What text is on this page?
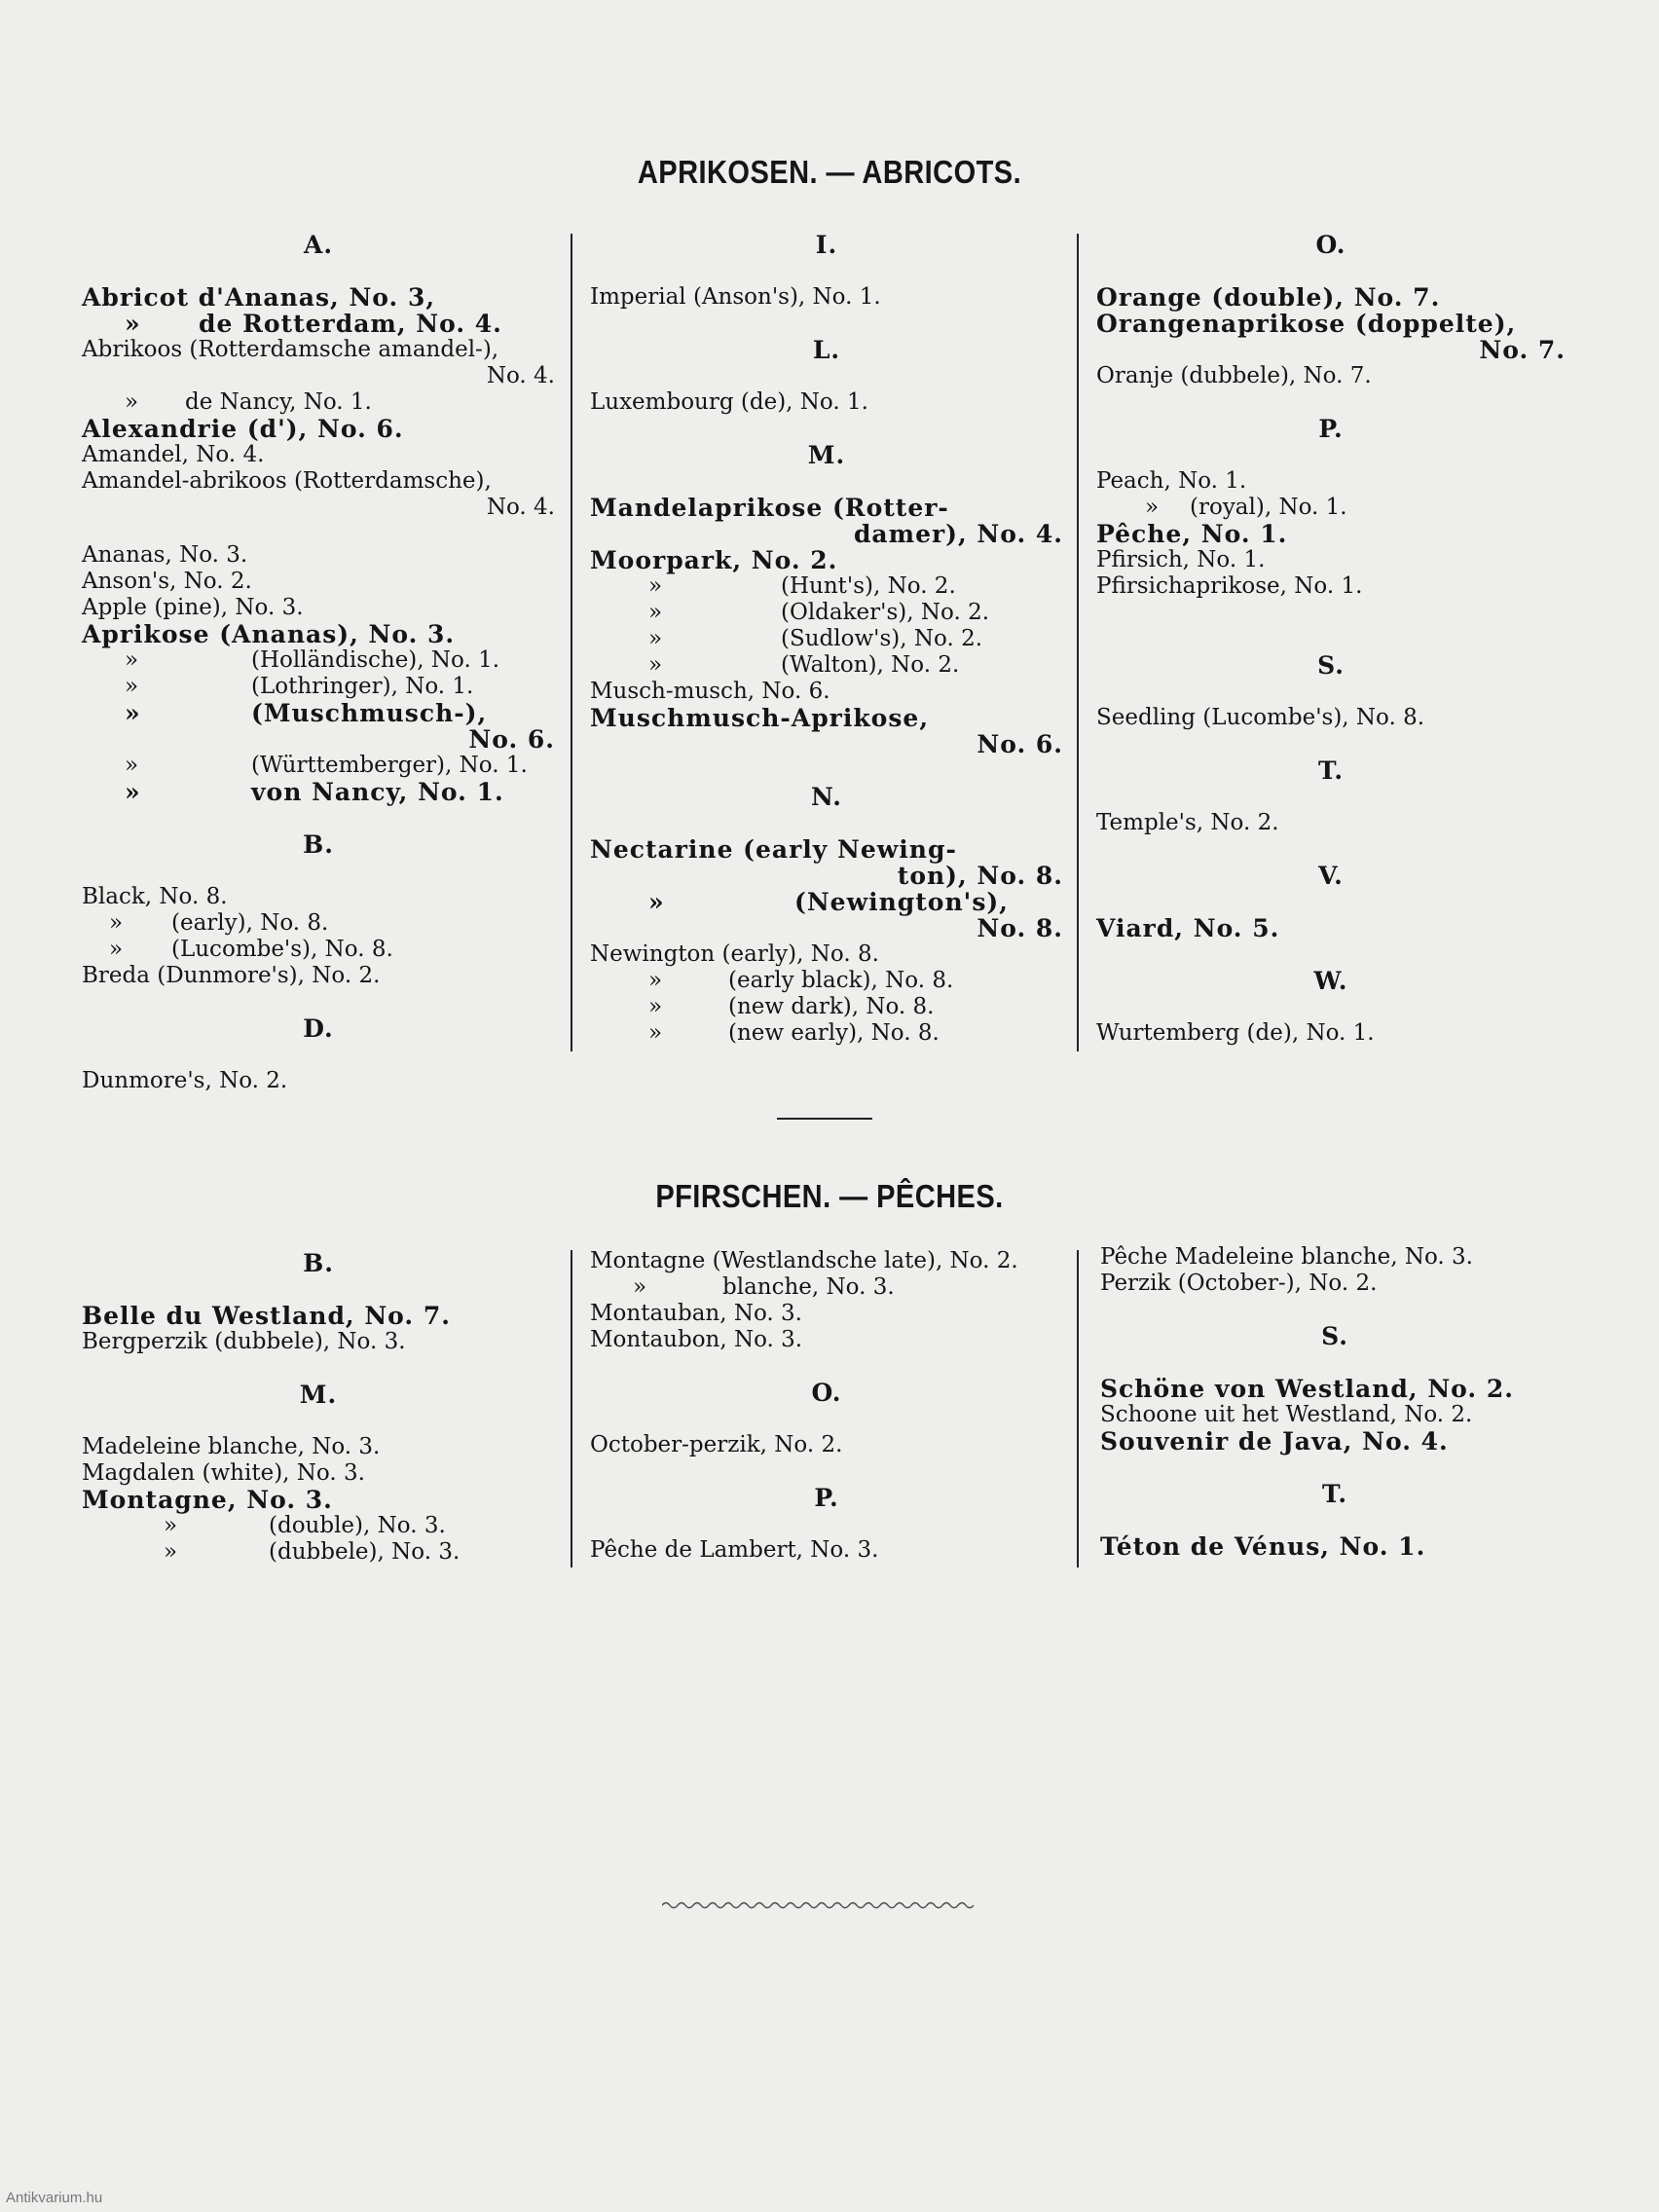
APRIKOSEN. — ABRICOTS.
A.
Abricot d'Ananas, No. 3,
» de Rotterdam, No. 4.
Abrikoos (Rotterdamsche amandel-),
No. 4.
» de Nancy, No. 1.
Alexandrie (d'), No. 6.
Amandel, No. 4.
Amandel-abrikoos (Rotterdamsche),
No. 4.
Ananas, No. 3.
Anson's, No. 2.
Apple (pine), No. 3.
Aprikose (Ananas), No. 3.
»	(Holländische), No. 1.
»	(Lothringer), No. 1.
»	(Muschmusch-),
No. 6.
»	(Württemberger), No. 1.
»	von Nancy, No. 1.
B.
Black, No. 8.
» (early), No. 8.
» (Lucombe's), No. 8.
Breda (Dunmore's), No. 2.
D.
Dunmore's, No. 2.
I.
Imperial (Anson's), No. 1.
L.
Luxembourg (de), No. 1.
M.
Mandelaprikose (Rotter-
damer), No. 4.
Moorpark, No. 2.
»	(Hunt's), No. 2.
»	(Oldaker's), No. 2.
»	(Sudlow's), No. 2.
»	(Walton), No. 2.
Musch-musch, No. 6.
Muschmusch-Aprikose,
No. 6.
N.
Nectarine (early Newing-
ton), No. 8.
»	(Newington's),
No. 8.
Newington (early), No. 8.
»	(early black), No. 8.
»	(new dark), No. 8.
»	(new early), No. 8.
O.
Orange (double), No. 7.
Orangenaprikose (doppelte),
No. 7.
Oranje (dubbele), No. 7.
P.
Peach, No. 1.
» (royal), No. 1.
Pêche, No. 1.
Pfirsich, No. 1.
Pfirsichaprikose, No. 1.
S.
Seedling (Lucombe's), No. 8.
T.
Temple's, No. 2.
V.
Viard, No. 5.
W.
Wurtemberg (de), No. 1.
PFIRSCHEN. — PÊCHES.
B.
Belle du Westland, No. 7.
Bergperzik (dubbele), No. 3.
M.
Madeleine blanche, No. 3.
Magdalen (white), No. 3.
Montagne, No. 3.
»	(double), No. 3.
»	(dubbele), No. 3.
Montagne (Westlandsche late), No. 2.
»	blanche, No. 3.
Montauban, No. 3.
Montaubon, No. 3.
O.
October-perzik, No. 2.
P.
Pêche de Lambert, No. 3.
Pêche Madeleine blanche, No. 3.
Perzik (October-), No. 2.
S.
Schöne von Westland, No. 2.
Schoone uit het Westland, No. 2.
Souvenir de Java, No. 4.
T.
Téton de Vénus, No. 1.
Antikvarium.hu
